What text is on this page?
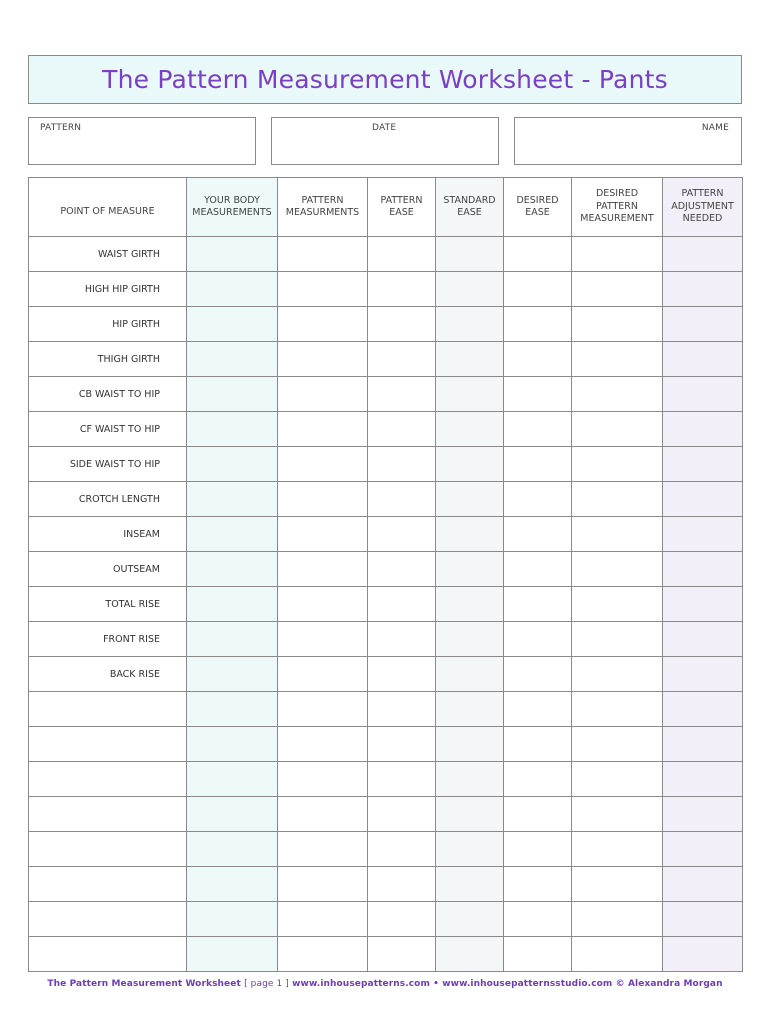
The Pattern Measurement Worksheet - Pants
PATTERN	DATE	NAME
POINT OF MEASURE	YOUR BODY MEASUREMENTS	PATTERN MEASURMENTS	PATTERN EASE	STANDARD EASE	DESIRED EASE	DESIRED PATTERN MEASUREMENT	PATTERN ADJUSTMENT NEEDED
WAIST GIRTH							
HIGH HIP GIRTH							
HIP GIRTH							
THIGH GIRTH							
CB WAIST TO HIP							
CF WAIST TO HIP							
SIDE WAIST TO HIP							
CROTCH LENGTH							
INSEAM							
OUTSEAM							
TOTAL RISE							
FRONT RISE							
BACK RISE							

The Pattern Measurement Worksheet [ page 1 ] www.inhousepatterns.com • www.inhousepatternsstudio.com © Alexandra Morgan
